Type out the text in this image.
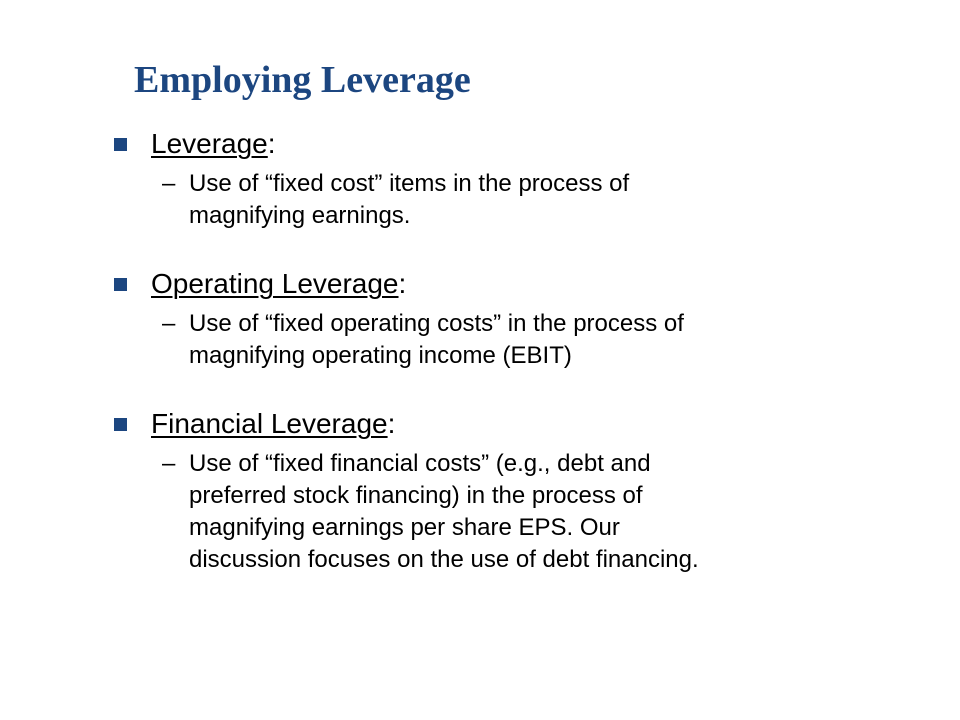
Employing Leverage
Leverage:
– Use of “fixed cost” items in the process of
magnifying earnings.
Operating Leverage:
– Use of “fixed operating costs” in the process of
magnifying operating income (EBIT)
Financial Leverage:
– Use of “fixed financial costs” (e.g., debt and
preferred stock financing) in the process of
magnifying earnings per share EPS. Our
discussion focuses on the use of debt financing.
